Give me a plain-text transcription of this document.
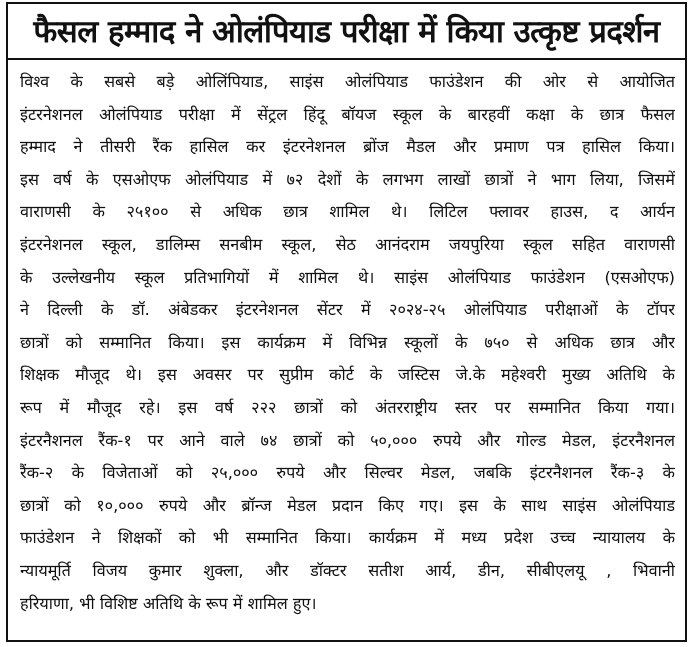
फैसल हम्माद ने ओलंपियाड परीक्षा में किया उत्कृष्ट प्रदर्शन
विश्व के सबसे बड़े ओलिंपियाड, साइंस ओलंपियाड फाउंडेशन की ओर से आयोजित
इंटरनेशनल ओलंपियाड परीक्षा में सेंट्रल हिंदू बॉयज स्कूल के बारहवीं कक्षा के छात्र फैसल
हम्माद ने तीसरी रैंक हासिल कर इंटरनेशनल ब्रोंज मैडल और प्रमाण पत्र हासिल किया।
इस वर्ष के एसओएफ ओलंपियाड में ७२ देशों के लगभग लाखों छात्रों ने भाग लिया, जिसमें
वाराणसी के २५१०० से अधिक छात्र शामिल थे। लिटिल फ्लावर हाउस, द आर्यन
इंटरनेशनल स्कूल, डालिम्स सनबीम स्कूल, सेठ आनंदराम जयपुरिया स्कूल सहित वाराणसी
के उल्लेखनीय स्कूल प्रतिभागियों में शामिल थे। साइंस ओलंपियाड फाउंडेशन (एसओएफ)
ने दिल्ली के डॉ. अंबेडकर इंटरनेशनल सेंटर में २०२४-२५ ओलंपियाड परीक्षाओं के टॉपर
छात्रों को सम्मानित किया। इस कार्यक्रम में विभिन्न स्कूलों के ७५० से अधिक छात्र और
शिक्षक मौजूद थे। इस अवसर पर सुप्रीम कोर्ट के जस्टिस जे.के महेश्वरी मुख्य अतिथि के
रूप में मौजूद रहे। इस वर्ष २२२ छात्रों को अंतरराष्ट्रीय स्तर पर सम्मानित किया गया।
इंटरनैशनल रैंक-१ पर आने वाले ७४ छात्रों को ५०,००० रुपये और गोल्ड मेडल, इंटरनैशनल
रैंक-२ के विजेताओं को २५,००० रुपये और सिल्वर मेडल, जबकि इंटरनैशनल रैंक-३ के
छात्रों को १०,००० रुपये और ब्रॉन्ज मेडल प्रदान किए गए। इस के साथ साइंस ओलंपियाड
फाउंडेशन ने शिक्षकों को भी सम्मानित किया। कार्यक्रम में मध्य प्रदेश उच्च न्यायालय के
न्यायमूर्ति विजय कुमार शुक्ला, और डॉक्टर सतीश आर्य, डीन, सीबीएलयू , भिवानी
हरियाणा, भी विशिष्ट अतिथि के रूप में शामिल हुए।
